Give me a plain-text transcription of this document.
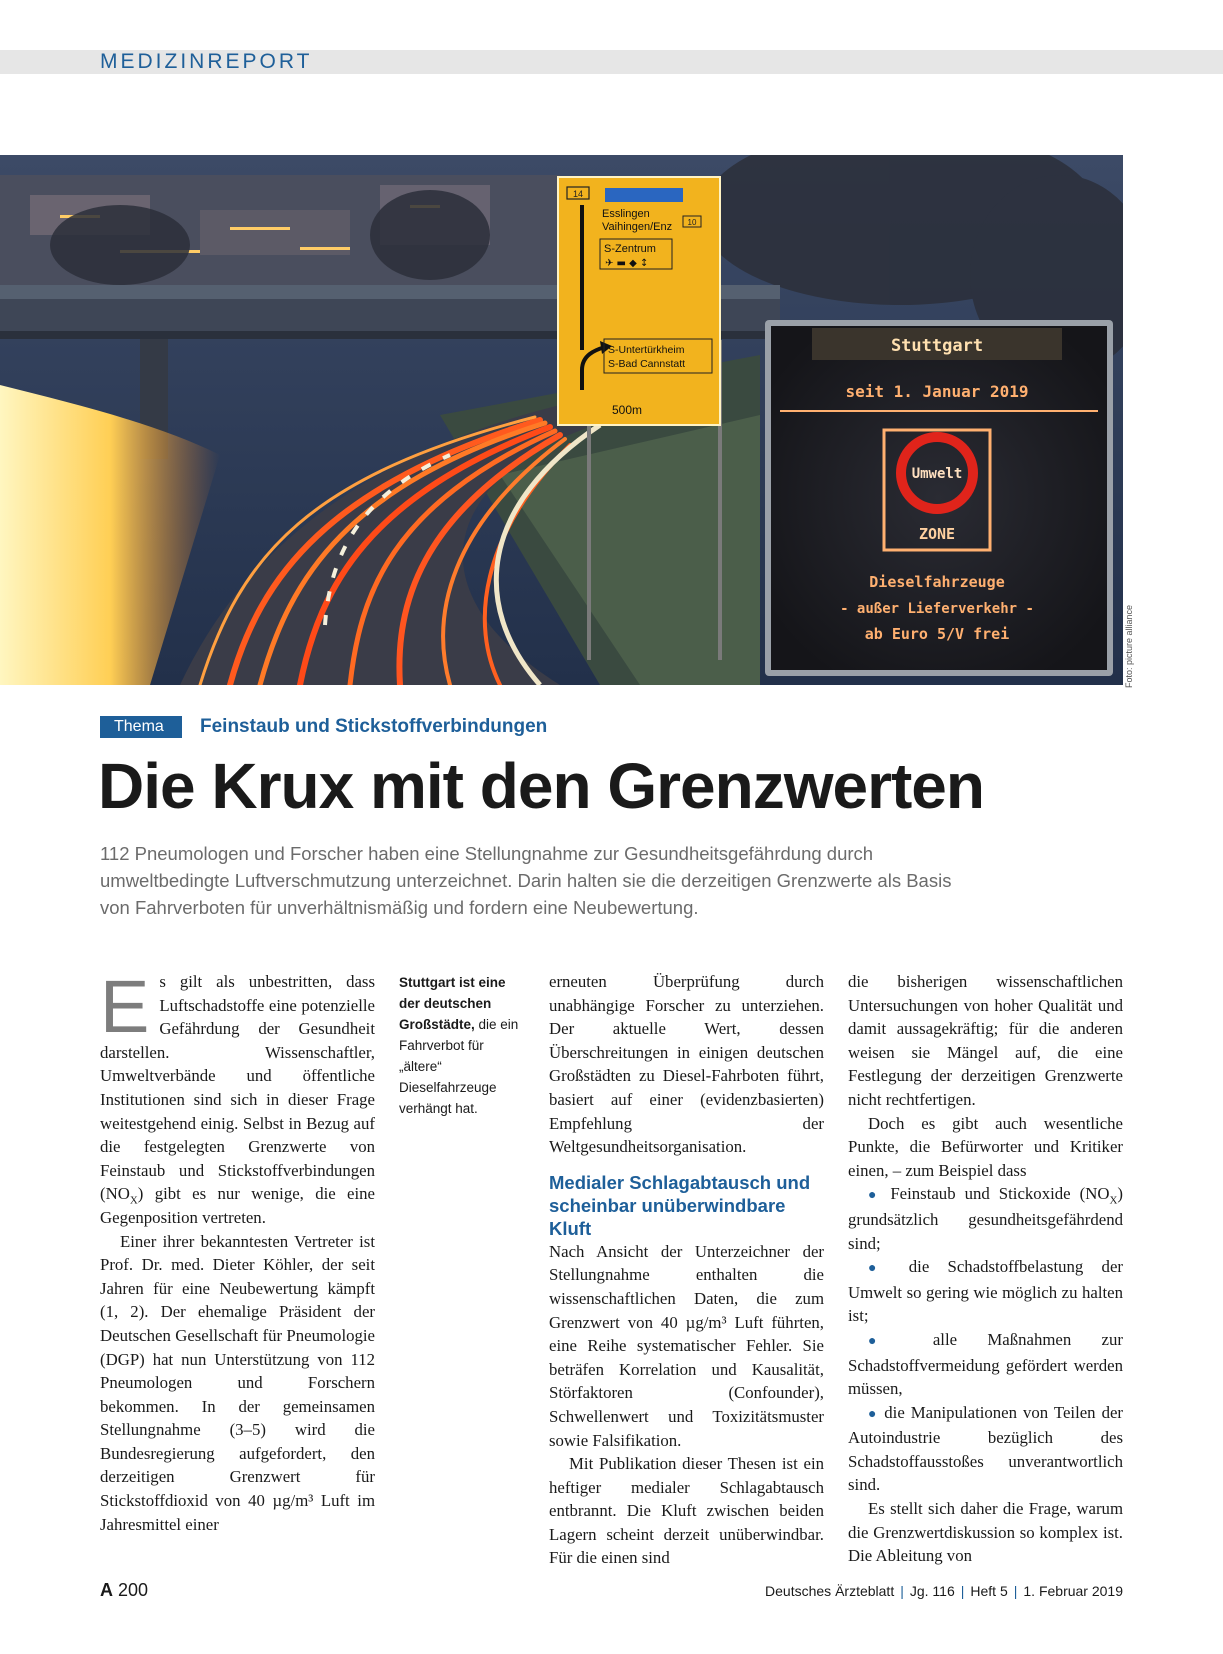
MEDIZINREPORT
14
Esslingen
Vaihingen/Enz 10
S-Zentrum
✈ ▬ ◆ ↕
S-Untertürkheim
S-Bad Cannstatt
500m
Stuttgart
seit 1. Januar 2019
Umwelt
ZONE
Dieselfahrzeuge
- außer Lieferverkehr -
ab Euro 5/V frei	Foto: picture alliance
Thema	Feinstaub und Stickstoffverbindungen
Die Krux mit den Grenzwerten

112 Pneumologen und Forscher haben eine Stellungnahme zur Gesundheitsgefährdung durch umweltbedingte Luftverschmutzung unterzeichnet. Darin halten sie die derzeitigen Grenzwerte als Basis von Fahrverboten für unverhältnismäßig und fordern eine Neubewertung.

Es gilt als unbestritten, dass Luftschadstoffe eine potenzielle Gefährdung der Gesundheit darstellen. Wissenschaftler, Umweltverbände und öffentliche Institutionen sind sich in dieser Frage weitestgehend einig. Selbst in Bezug auf die festgelegten Grenzwerte von Feinstaub und Stickstoffverbindungen $(NO_X)$ gibt es nur wenige, die eine Gegenposition vertreten.

Einer ihrer bekanntesten Vertreter ist Prof. Dr. med. Dieter Köhler, der seit Jahren für eine Neubewertung kämpft (1, 2). Der ehemalige Präsident der Deutschen Gesellschaft für Pneumologie (DGP) hat nun Unterstützung von 112 Pneumologen und Forschern bekommen. In der gemeinsamen Stellungnahme (3–5) wird die Bundesregierung aufgefordert, den derzeitigen Grenzwert für Stickstoffdioxid von 40 µg/m³ Luft im Jahresmittel einer

Stuttgart ist eine der deutschen Großstädte, die ein Fahrverbot für „ältere“ Dieselfahrzeuge verhängt hat.

erneuten Überprüfung durch unabhängige Forscher zu unterziehen. Der aktuelle Wert, dessen Überschreitungen in einigen deutschen Großstädten zu Diesel-Fahrboten führt, basiert auf einer (evidenzbasierten) Empfehlung der Weltgesundheitsorganisation.

Medialer Schlagabtausch und scheinbar unüberwindbare Kluft

Nach Ansicht der Unterzeichner der Stellungnahme enthalten die wissenschaftlichen Daten, die zum Grenzwert von 40 µg/m³ Luft führten, eine Reihe systematischer Fehler. Sie beträfen Korrelation und Kausalität, Störfaktoren (Confounder), Schwellenwert und Toxizitätsmuster sowie Falsifikation.

Mit Publikation dieser Thesen ist ein heftiger medialer Schlagabtausch entbrannt. Die Kluft zwischen beiden Lagern scheint derzeit unüberwindbar. Für die einen sind

die bisherigen wissenschaftlichen Untersuchungen von hoher Qualität und damit aussagekräftig; für die anderen weisen sie Mängel auf, die eine Festlegung der derzeitigen Grenzwerte nicht rechtfertigen.

Doch es gibt auch wesentliche Punkte, die Befürworter und Kritiker einen, – zum Beispiel dass

● Feinstaub und Stickoxide $(NO_X)$ grundsätzlich gesundheitsgefährdend sind;

● die Schadstoffbelastung der Umwelt so gering wie möglich zu halten ist;

● alle Maßnahmen zur Schadstoffvermeidung gefördert werden müssen,

● die Manipulationen von Teilen der Autoindustrie bezüglich des Schadstoffausstoßes unverantwortlich sind.

Es stellt sich daher die Frage, warum die Grenzwertdiskussion so komplex ist. Die Ableitung von

A 200	Deutsches Ärzteblatt | Jg. 116 | Heft 5 | 1. Februar 2019
